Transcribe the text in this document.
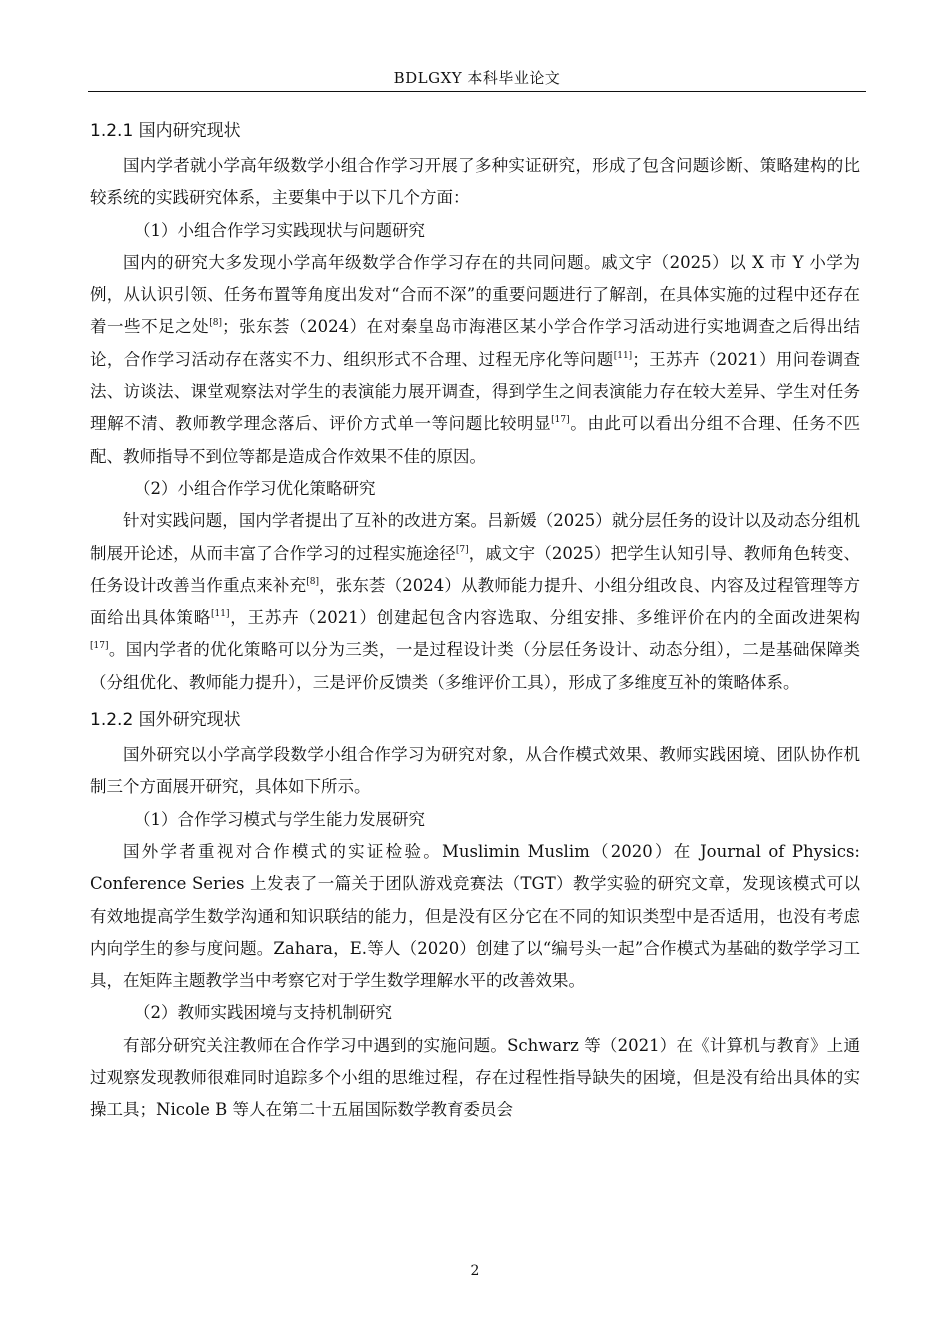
BDLGXY 本科毕业论文
1.2.1 国内研究现状

国内学者就小学高年级数学小组合作学习开展了多种实证研究，形成了包含问题诊断、策略建构的比较系统的实践研究体系，主要集中于以下几个方面：

（1）小组合作学习实践现状与问题研究

国内的研究大多发现小学高年级数学合作学习存在的共同问题。戚文宇（2025）以 X 市 Y 小学为例，从认识引领、任务布置等角度出发对“合而不深”的重要问题进行了解剖，在具体实施的过程中还存在着一些不足之处[8]；张东荟（2024）在对秦皇岛市海港区某小学合作学习活动进行实地调查之后得出结论，合作学习活动存在落实不力、组织形式不合理、过程无序化等问题[11]；王苏卉（2021）用问卷调查法、访谈法、课堂观察法对学生的表演能力展开调查，得到学生之间表演能力存在较大差异、学生对任务理解不清、教师教学理念落后、评价方式单一等问题比较明显[17]。由此可以看出分组不合理、任务不匹配、教师指导不到位等都是造成合作效果不佳的原因。

（2）小组合作学习优化策略研究

针对实践问题，国内学者提出了互补的改进方案。吕新媛（2025）就分层任务的设计以及动态分组机制展开论述，从而丰富了合作学习的过程实施途径[7]，戚文宇（2025）把学生认知引导、教师角色转变、任务设计改善当作重点来补充[8]，张东荟（2024）从教师能力提升、小组分组改良、内容及过程管理等方面给出具体策略[11]，王苏卉（2021）创建起包含内容选取、分组安排、多维评价在内的全面改进架构[17]。国内学者的优化策略可以分为三类，一是过程设计类（分层任务设计、动态分组），二是基础保障类（分组优化、教师能力提升），三是评价反馈类（多维评价工具），形成了多维度互补的策略体系。

1.2.2 国外研究现状

国外研究以小学高学段数学小组合作学习为研究对象，从合作模式效果、教师实践困境、团队协作机制三个方面展开研究，具体如下所示。

（1）合作学习模式与学生能力发展研究

国外学者重视对合作模式的实证检验。Muslimin Muslim（2020）在 Journal of Physics: Conference Series 上发表了一篇关于团队游戏竞赛法（TGT）教学实验的研究文章，发现该模式可以有效地提高学生数学沟通和知识联结的能力，但是没有区分它在不同的知识类型中是否适用，也没有考虑内向学生的参与度问题。Zahara，E.等人（2020）创建了以“编号头一起”合作模式为基础的数学学习工具，在矩阵主题教学当中考察它对于学生数学理解水平的改善效果。

（2）教师实践困境与支持机制研究

有部分研究关注教师在合作学习中遇到的实施问题。Schwarz 等（2021）在《计算机与教育》上通过观察发现教师很难同时追踪多个小组的思维过程，存在过程性指导缺失的困境，但是没有给出具体的实操工具；Nicole B 等人在第二十五届国际数学教育委员会

2
